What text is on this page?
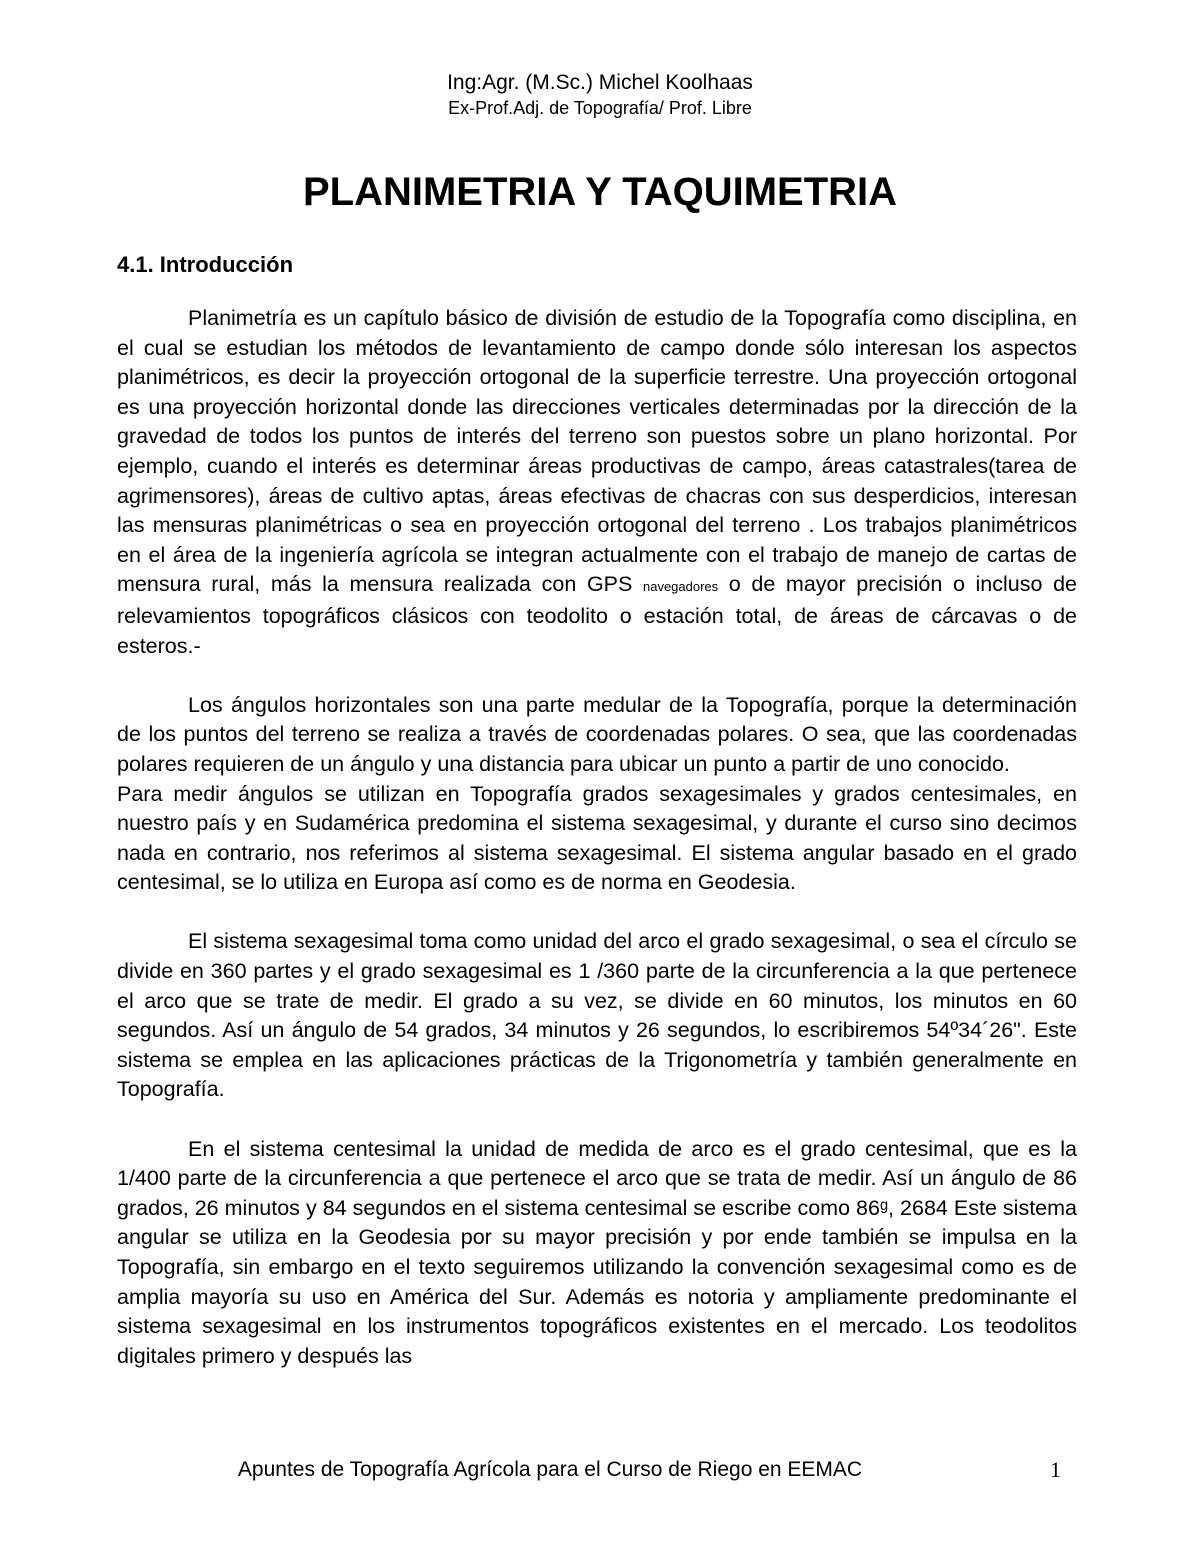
Ing:Agr. (M.Sc.) Michel Koolhaas
Ex-Prof.Adj. de Topografía/ Prof. Libre
PLANIMETRIA Y TAQUIMETRIA
4.1. Introducción

Planimetría es un capítulo básico de división de estudio de la Topografía como disciplina, en el cual se estudian los métodos de levantamiento de campo donde sólo interesan los aspectos planimétricos, es decir la proyección ortogonal de la superficie terrestre. Una proyección ortogonal es una proyección horizontal donde las direcciones verticales determinadas por la dirección de la gravedad de todos los puntos de interés del terreno son puestos sobre un plano horizontal. Por ejemplo, cuando el interés es determinar áreas productivas de campo, áreas catastrales(tarea de agrimensores), áreas de cultivo aptas, áreas efectivas de chacras con sus desperdicios, interesan las mensuras planimétricas o sea en proyección ortogonal del terreno . Los trabajos planimétricos en el área de la ingeniería agrícola se integran actualmente con el trabajo de manejo de cartas de mensura rural, más la mensura realizada con GPS navegadores o de mayor precisión o incluso de relevamientos topográficos clásicos con teodolito o estación total, de áreas de cárcavas o de esteros.-

Los ángulos horizontales son una parte medular de la Topografía, porque la determinación de los puntos del terreno se realiza a través de coordenadas polares. O sea, que las coordenadas polares requieren de un ángulo y una distancia para ubicar un punto a partir de uno conocido.

Para medir ángulos se utilizan en Topografía grados sexagesimales y grados centesimales, en nuestro país y en Sudamérica predomina el sistema sexagesimal, y durante el curso sino decimos nada en contrario, nos referimos al sistema sexagesimal. El sistema angular basado en el grado centesimal, se lo utiliza en Europa así como es de norma en Geodesia.

El sistema sexagesimal toma como unidad del arco el grado sexagesimal, o sea el círculo se divide en 360 partes y el grado sexagesimal es 1 /360 parte de la circunferencia a la que pertenece el arco que se trate de medir. El grado a su vez, se divide en 60 minutos, los minutos en 60 segundos. Así un ángulo de 54 grados, 34 minutos y 26 segundos, lo escribiremos 54º34´26". Este sistema se emplea en las aplicaciones prácticas de la Trigonometría y también generalmente en Topografía.

En el sistema centesimal la unidad de medida de arco es el grado centesimal, que es la 1/400 parte de la circunferencia a que pertenece el arco que se trata de medir. Así un ángulo de 86 grados, 26 minutos y 84 segundos en el sistema centesimal se escribe como 86ᵍ, 2684 Este sistema angular se utiliza en la Geodesia por su mayor precisión y por ende también se impulsa en la Topografía, sin embargo en el texto seguiremos utilizando la convención sexagesimal como es de amplia mayoría su uso en América del Sur. Además es notoria y ampliamente predominante el sistema sexagesimal en los instrumentos topográficos existentes en el mercado. Los teodolitos digitales primero y después las

Apuntes de Topografía Agrícola para el Curso de Riego en EEMAC	1
